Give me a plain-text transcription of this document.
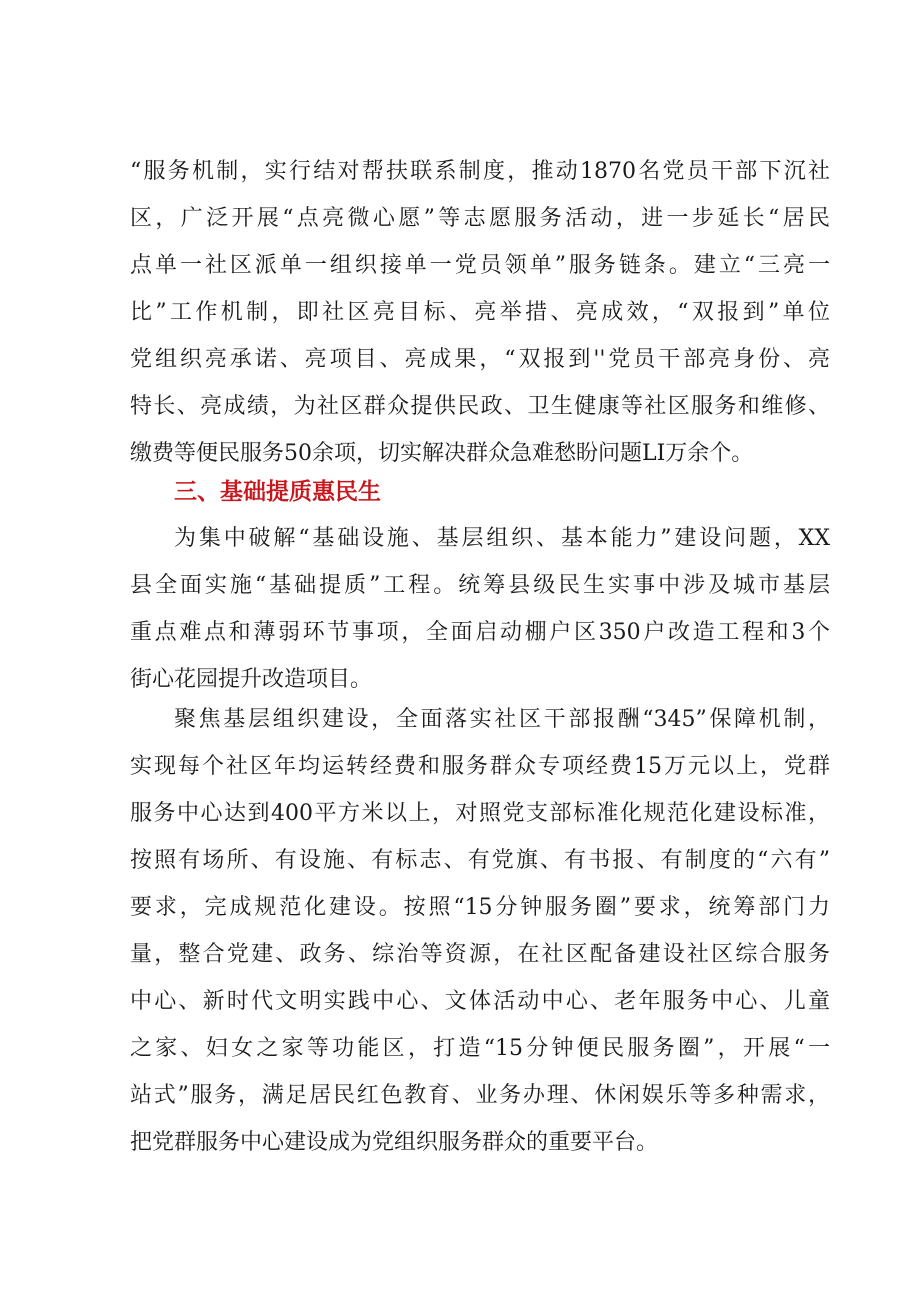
“服务机制，实行结对帮扶联系制度，推动1870名党员干部下沉社

区，广泛开展“点亮微心愿”等志愿服务活动，进一步延长“居民

点单一社区派单一组织接单一党员领单”服务链条。建立“三亮一

比”工作机制，即社区亮目标、亮举措、亮成效，“双报到”单位

党组织亮承诺、亮项目、亮成果，“双报到''党员干部亮身份、亮

特长、亮成绩，为社区群众提供民政、卫生健康等社区服务和维修、

缴费等便民服务50余项，切实解决群众急难愁盼问题LI万余个。

三、基础提质惠民生

为集中破解“基础设施、基层组织、基本能力”建设问题，XX

县全面实施“基础提质”工程。统筹县级民生实事中涉及城市基层

重点难点和薄弱环节事项，全面启动棚户区350户改造工程和3个

街心花园提升改造项目。

聚焦基层组织建设，全面落实社区干部报酬“345”保障机制，

实现每个社区年均运转经费和服务群众专项经费15万元以上，党群

服务中心达到400平方米以上，对照党支部标准化规范化建设标准，

按照有场所、有设施、有标志、有党旗、有书报、有制度的“六有”

要求，完成规范化建设。按照“15分钟服务圈”要求，统筹部门力

量，整合党建、政务、综治等资源，在社区配备建设社区综合服务

中心、新时代文明实践中心、文体活动中心、老年服务中心、儿童

之家、妇女之家等功能区，打造“15分钟便民服务圈”，开展“一

站式”服务，满足居民红色教育、业务办理、休闲娱乐等多种需求，

把党群服务中心建设成为党组织服务群众的重要平台。
